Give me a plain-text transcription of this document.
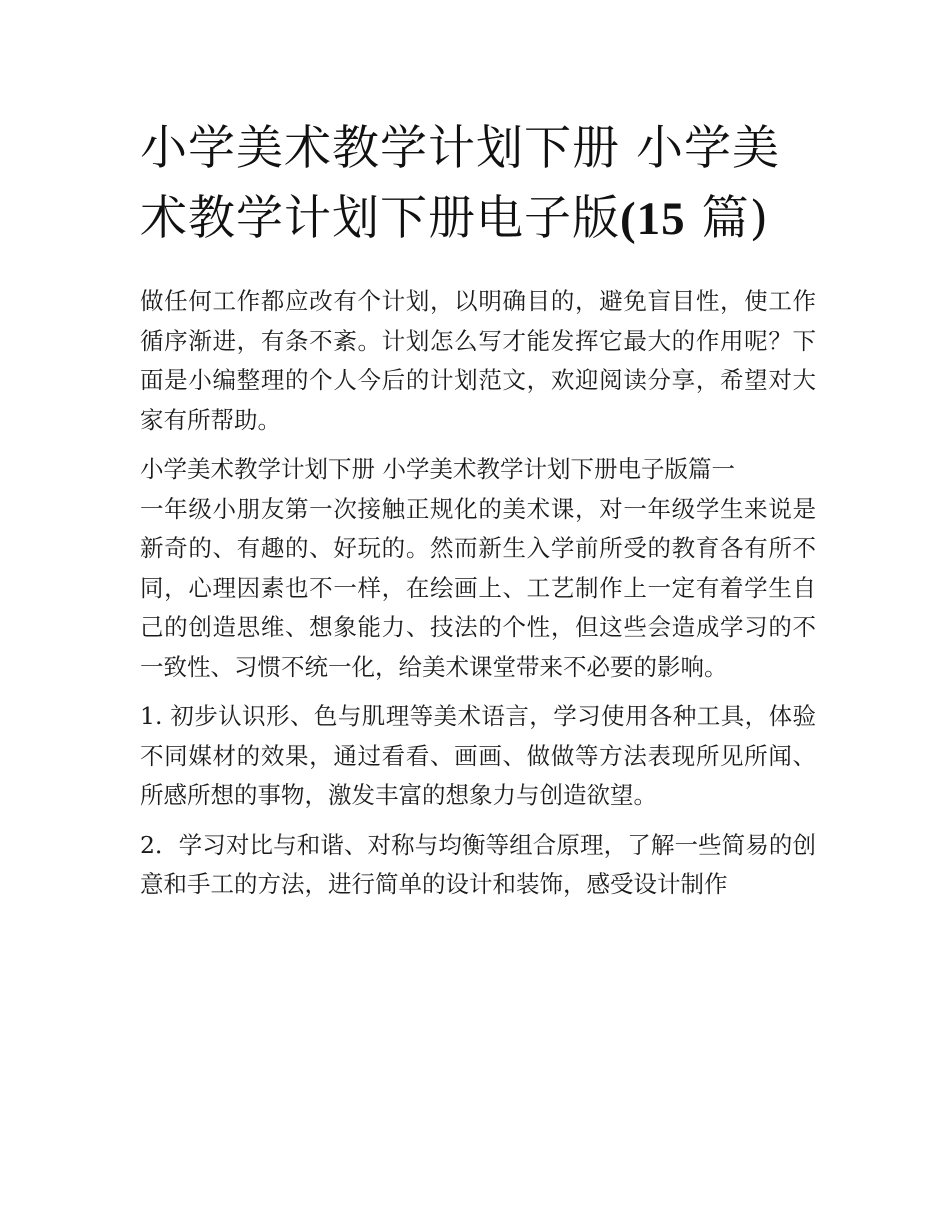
小学美术教学计划下册 小学美术教学计划下册电子版(15 篇)

做任何工作都应改有个计划，以明确目的，避免盲目性，使工作循序渐进，有条不紊。计划怎么写才能发挥它最大的作用呢？下面是小编整理的个人今后的计划范文，欢迎阅读分享，希望对大家有所帮助。

小学美术教学计划下册 小学美术教学计划下册电子版篇一

一年级小朋友第一次接触正规化的美术课，对一年级学生来说是新奇的、有趣的、好玩的。然而新生入学前所受的教育各有所不同，心理因素也不一样，在绘画上、工艺制作上一定有着学生自己的创造思维、想象能力、技法的个性，但这些会造成学习的不一致性、习惯不统一化，给美术课堂带来不必要的影响。

1. 初步认识形、色与肌理等美术语言，学习使用各种工具，体验不同媒材的效果，通过看看、画画、做做等方法表现所见所闻、所感所想的事物，激发丰富的想象力与创造欲望。

2．学习对比与和谐、对称与均衡等组合原理，了解一些简易的创意和手工的方法，进行简单的设计和装饰，感受设计制作
